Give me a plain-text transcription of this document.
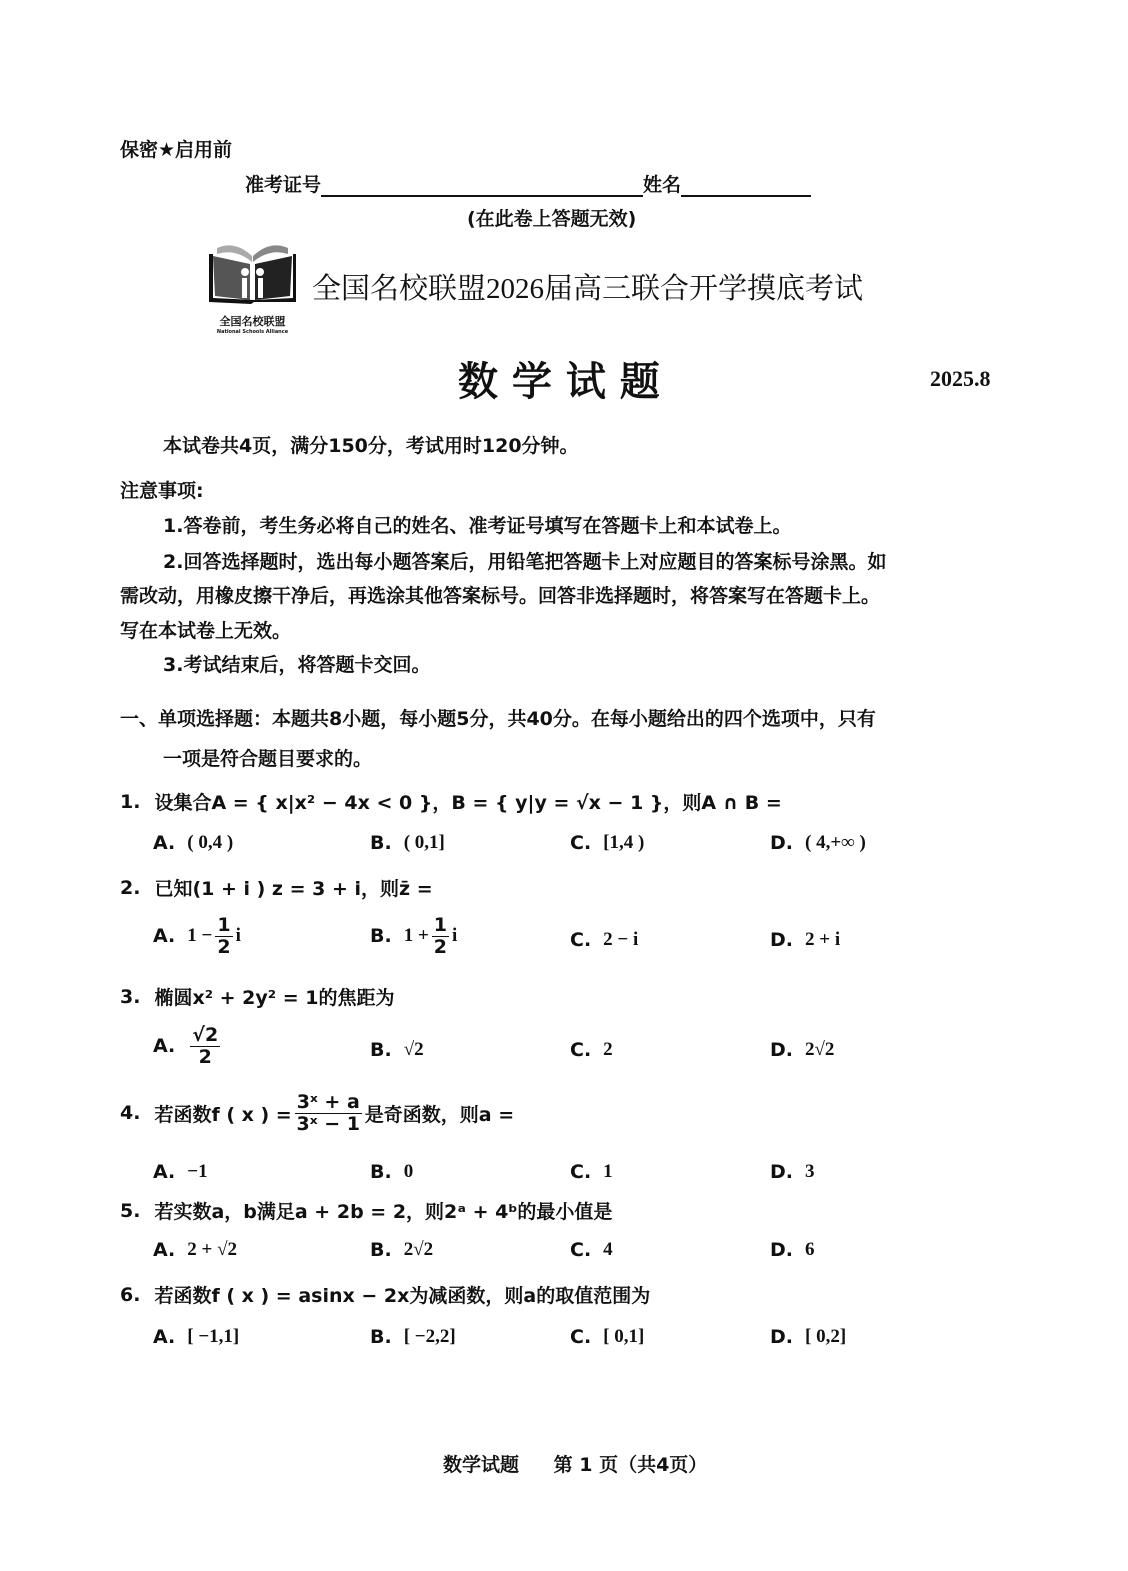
保密★启用前
准考证号	姓名
(在此卷上答题无效)
全国名校联盟
National Schools Alliance
全国名校联盟2026届高三联合开学摸底考试
数 学 试 题	2025.8
本试卷共4页，满分150分，考试用时120分钟。
注意事项:
1.答卷前，考生务必将自己的姓名、准考证号填写在答题卡上和本试卷上。
2.回答选择题时，选出每小题答案后，用铅笔把答题卡上对应题目的答案标号涂黑。如
需改动，用橡皮擦干净后，再选涂其他答案标号。回答非选择题时，将答案写在答题卡上。
写在本试卷上无效。
3.考试结束后，将答题卡交回。
一、单项选择题：本题共8小题，每小题5分，共40分。在每小题给出的四个选项中，只有
一项是符合题目要求的。
1. 设集合A = { x|x² − 4x < 0 }，B = { y|y = √x − 1 }，则A ∩ B =
A. ( 0,4 )	B. ( 0,1]	C. [1,4 )	D. ( 4,+∞ )
2. 已知(1 + i ) z = 3 + i，则z̄ =
A. $1 - \frac{1}{2}$ i	B. $1 + \frac{1}{2}$ i	C. 2 − i	D. 2 + i
3. 椭圆x² + 2y² = 1的焦距为
A. $\frac{√2}{2}$	B. √2	C. 2	D. 2√2
4. 若函数f ( x ) = $\frac{\text{3ˣ + a}}{\text{3ˣ − 1}}$ 是奇函数，则a =
A. −1	B. 0	C. 1	D. 3
5. 若实数a，b满足a + 2b = 2，则2ᵃ + 4ᵇ的最小值是
A. 2 + √2	B. 2√2	C. 4	D. 6
6. 若函数f ( x ) = asinx − 2x为减函数，则a的取值范围为
A. [ −1,1]	B. [ −2,2]	C. [ 0,1]	D. [ 0,2]
数学试题 第 1 页（共4页）
